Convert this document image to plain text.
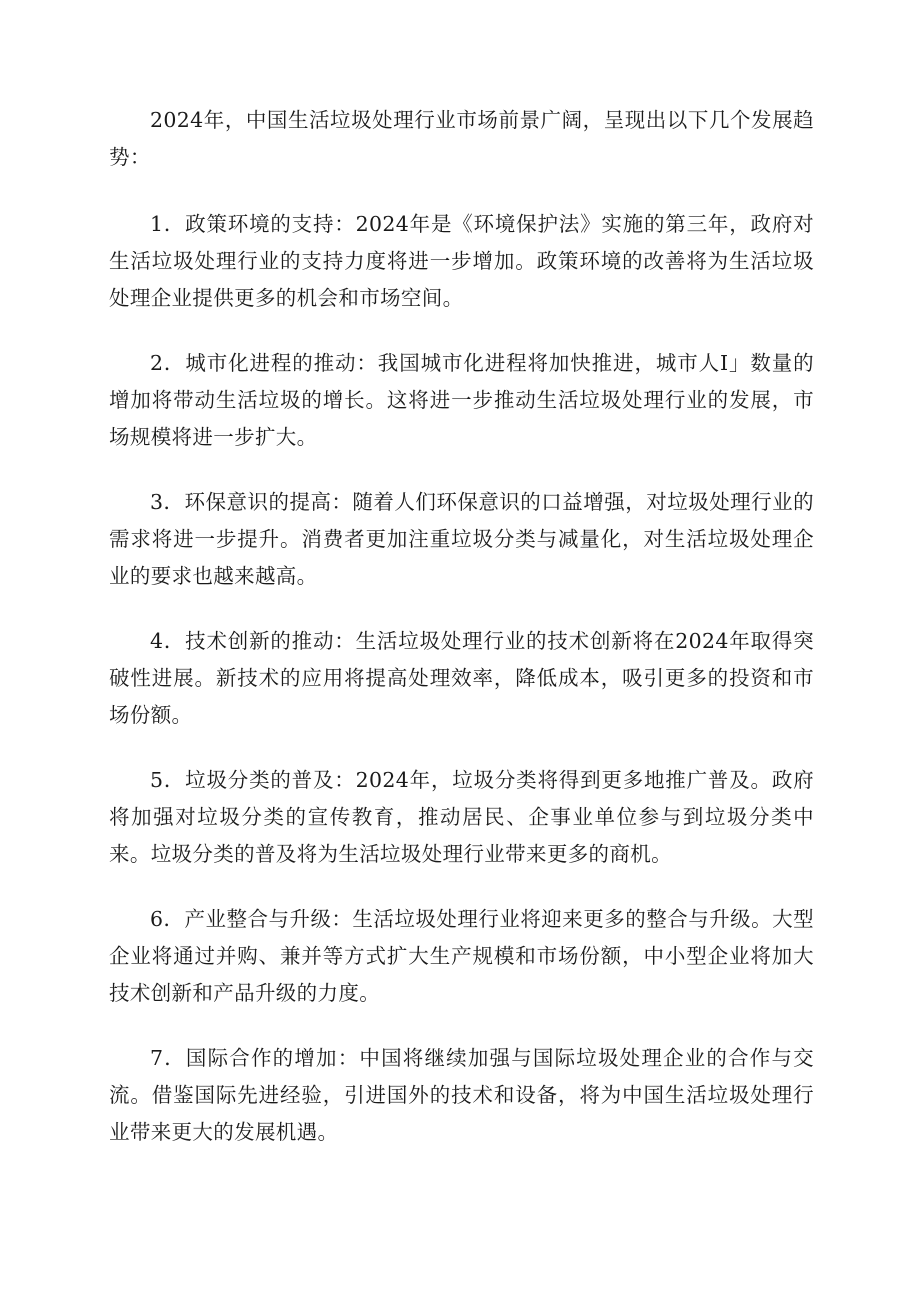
2024年，中国生活垃圾处理行业市场前景广阔，呈现出以下几个发展趋势：

1．政策环境的支持：2024年是《环境保护法》实施的第三年，政府对生活垃圾处理行业的支持力度将进一步增加。政策环境的改善将为生活垃圾处理企业提供更多的机会和市场空间。

2．城市化进程的推动：我国城市化进程将加快推进，城市人I」数量的增加将带动生活垃圾的增长。这将进一步推动生活垃圾处理行业的发展，市场规模将进一步扩大。

3．环保意识的提高：随着人们环保意识的口益增强，对垃圾处理行业的需求将进一步提升。消费者更加注重垃圾分类与减量化，对生活垃圾处理企业的要求也越来越高。

4．技术创新的推动：生活垃圾处理行业的技术创新将在2024年取得突破性进展。新技术的应用将提高处理效率，降低成本，吸引更多的投资和市场份额。

5．垃圾分类的普及：2024年，垃圾分类将得到更多地推广普及。政府将加强对垃圾分类的宣传教育，推动居民、企事业单位参与到垃圾分类中来。垃圾分类的普及将为生活垃圾处理行业带来更多的商机。

6．产业整合与升级：生活垃圾处理行业将迎来更多的整合与升级。大型企业将通过并购、兼并等方式扩大生产规模和市场份额，中小型企业将加大技术创新和产品升级的力度。

7．国际合作的增加：中国将继续加强与国际垃圾处理企业的合作与交流。借鉴国际先进经验，引进国外的技术和设备，将为中国生活垃圾处理行业带来更大的发展机遇。
